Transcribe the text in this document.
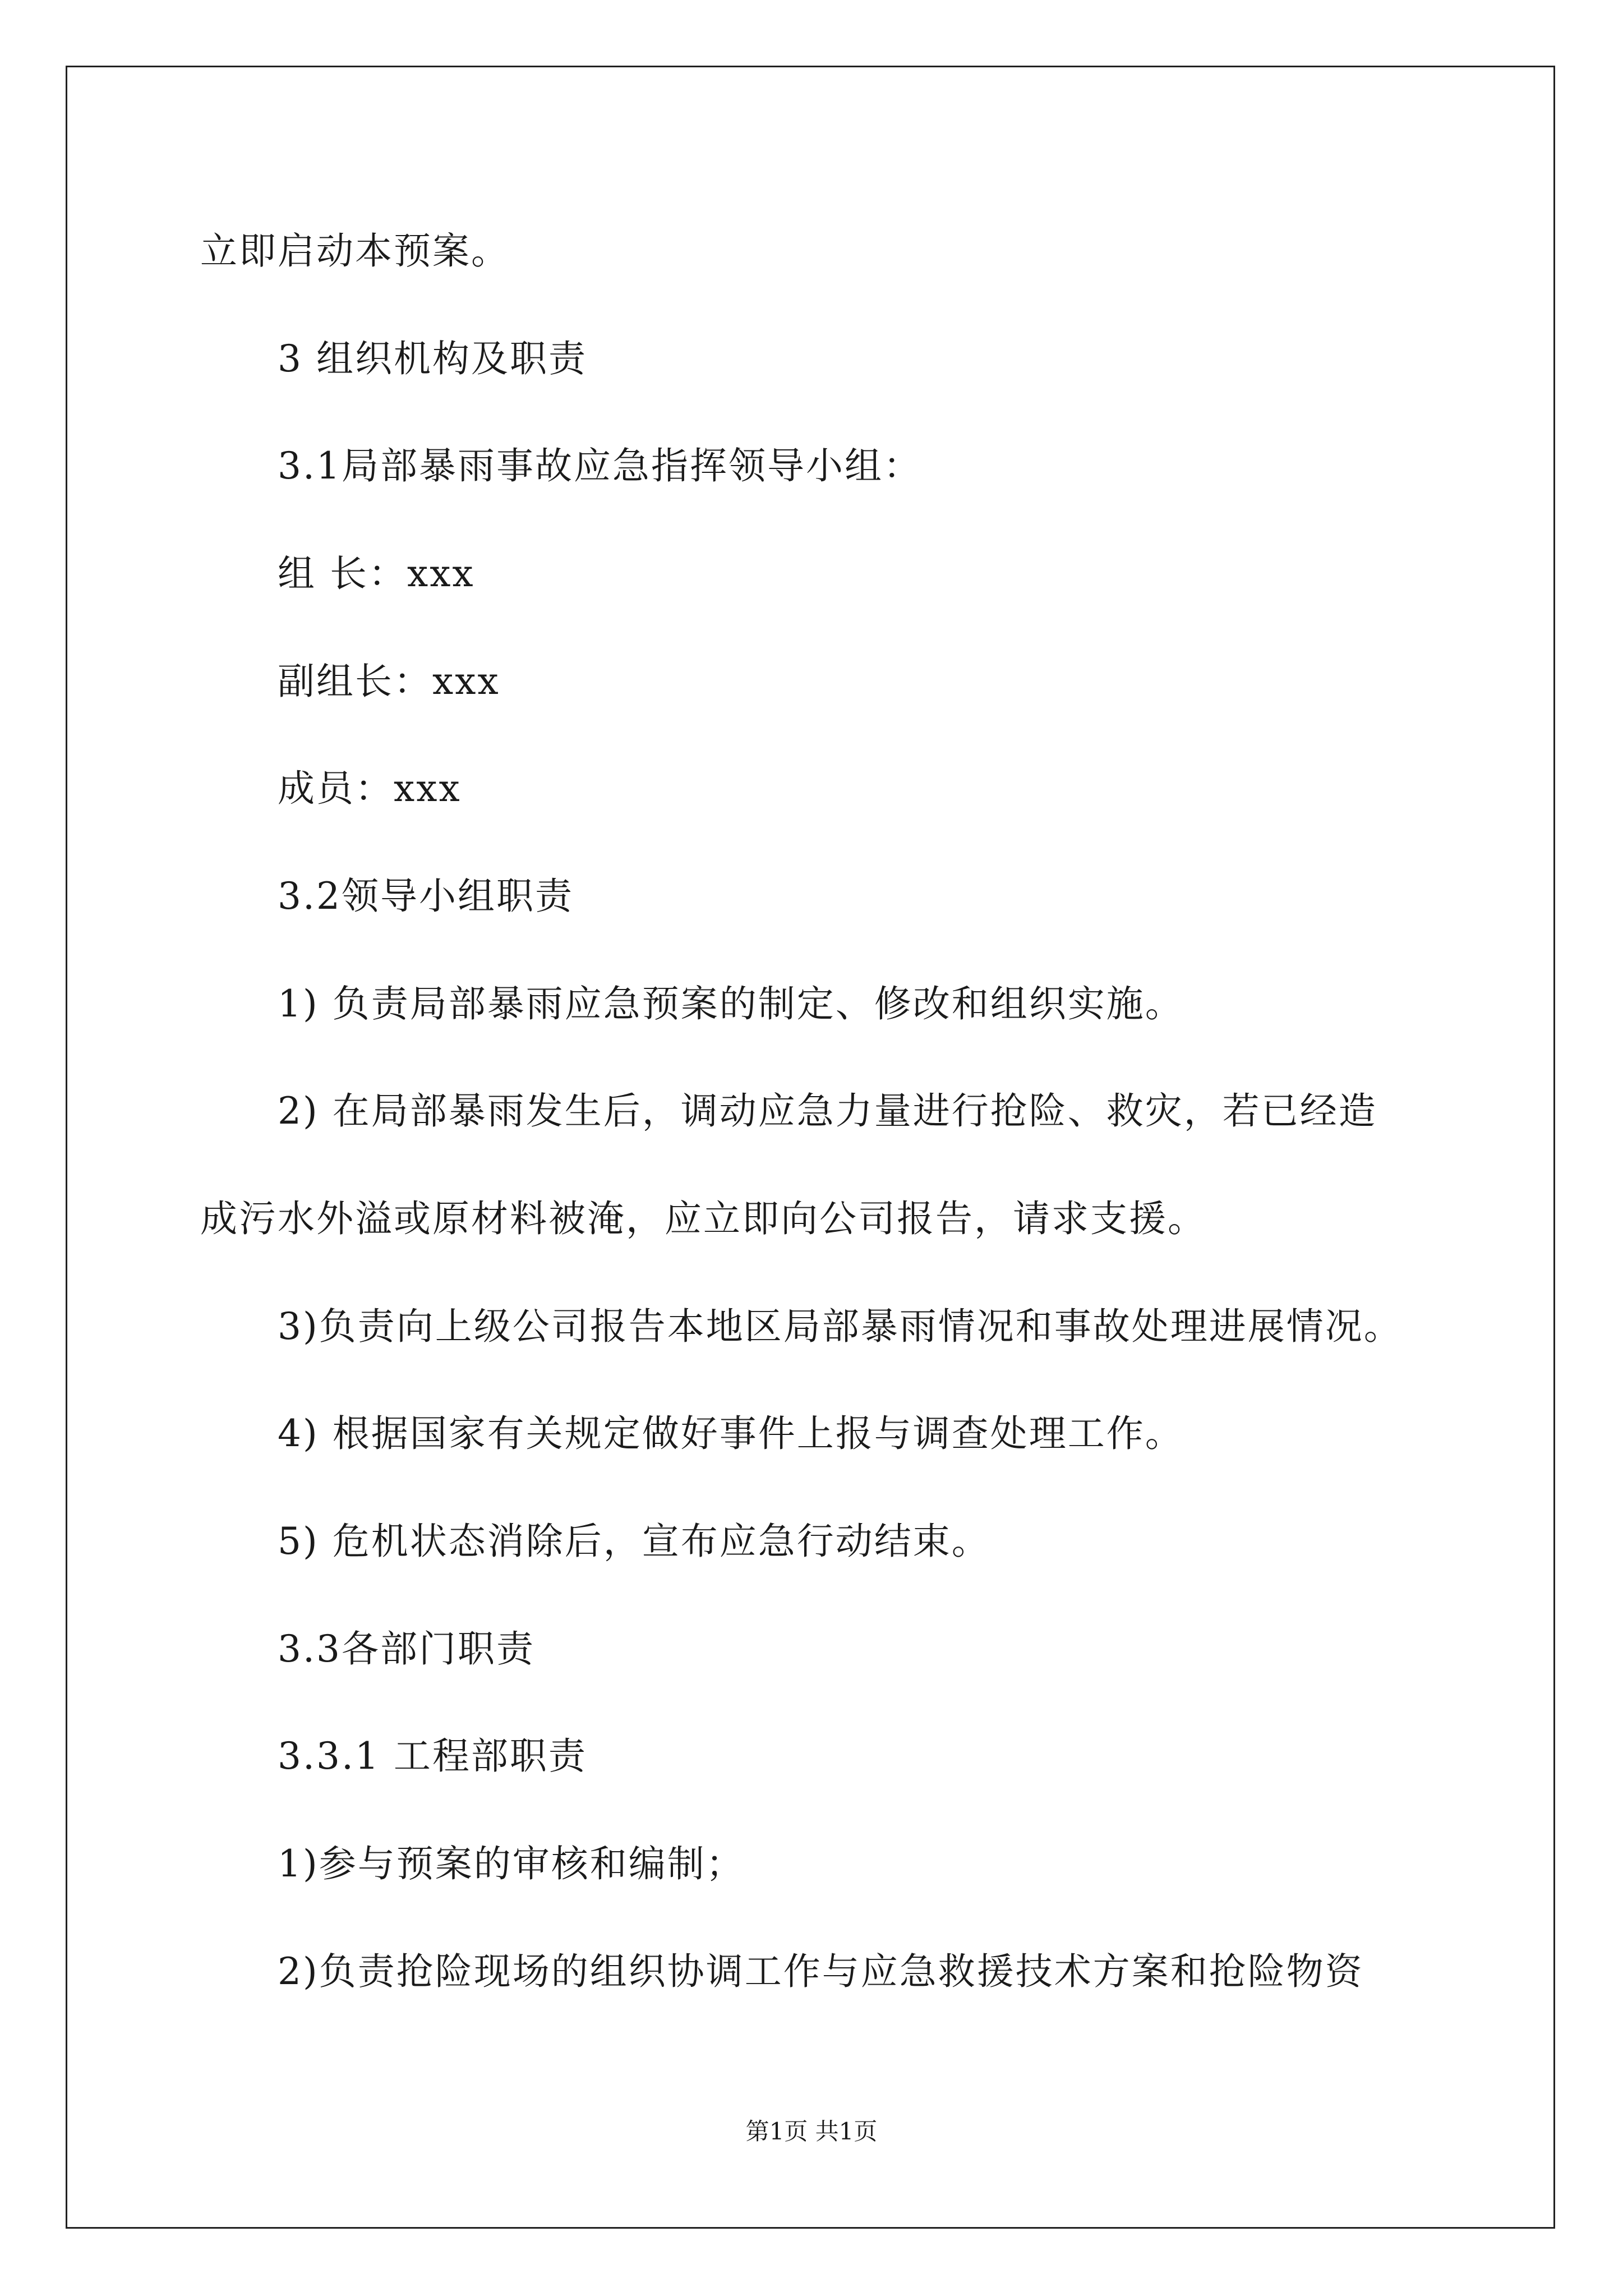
立即启动本预案。
3 组织机构及职责
3.1局部暴雨事故应急指挥领导小组：
组 长：xxx
副组长：xxx
成员：xxx
3.2领导小组职责
1) 负责局部暴雨应急预案的制定、修改和组织实施。
2) 在局部暴雨发生后，调动应急力量进行抢险、救灾，若已经造
成污水外溢或原材料被淹，应立即向公司报告，请求支援。
3)负责向上级公司报告本地区局部暴雨情况和事故处理进展情况。
4) 根据国家有关规定做好事件上报与调查处理工作。
5) 危机状态消除后，宣布应急行动结束。
3.3各部门职责
3.3.1 工程部职责
1)参与预案的审核和编制；
2)负责抢险现场的组织协调工作与应急救援技术方案和抢险物资
第1页 共1页
